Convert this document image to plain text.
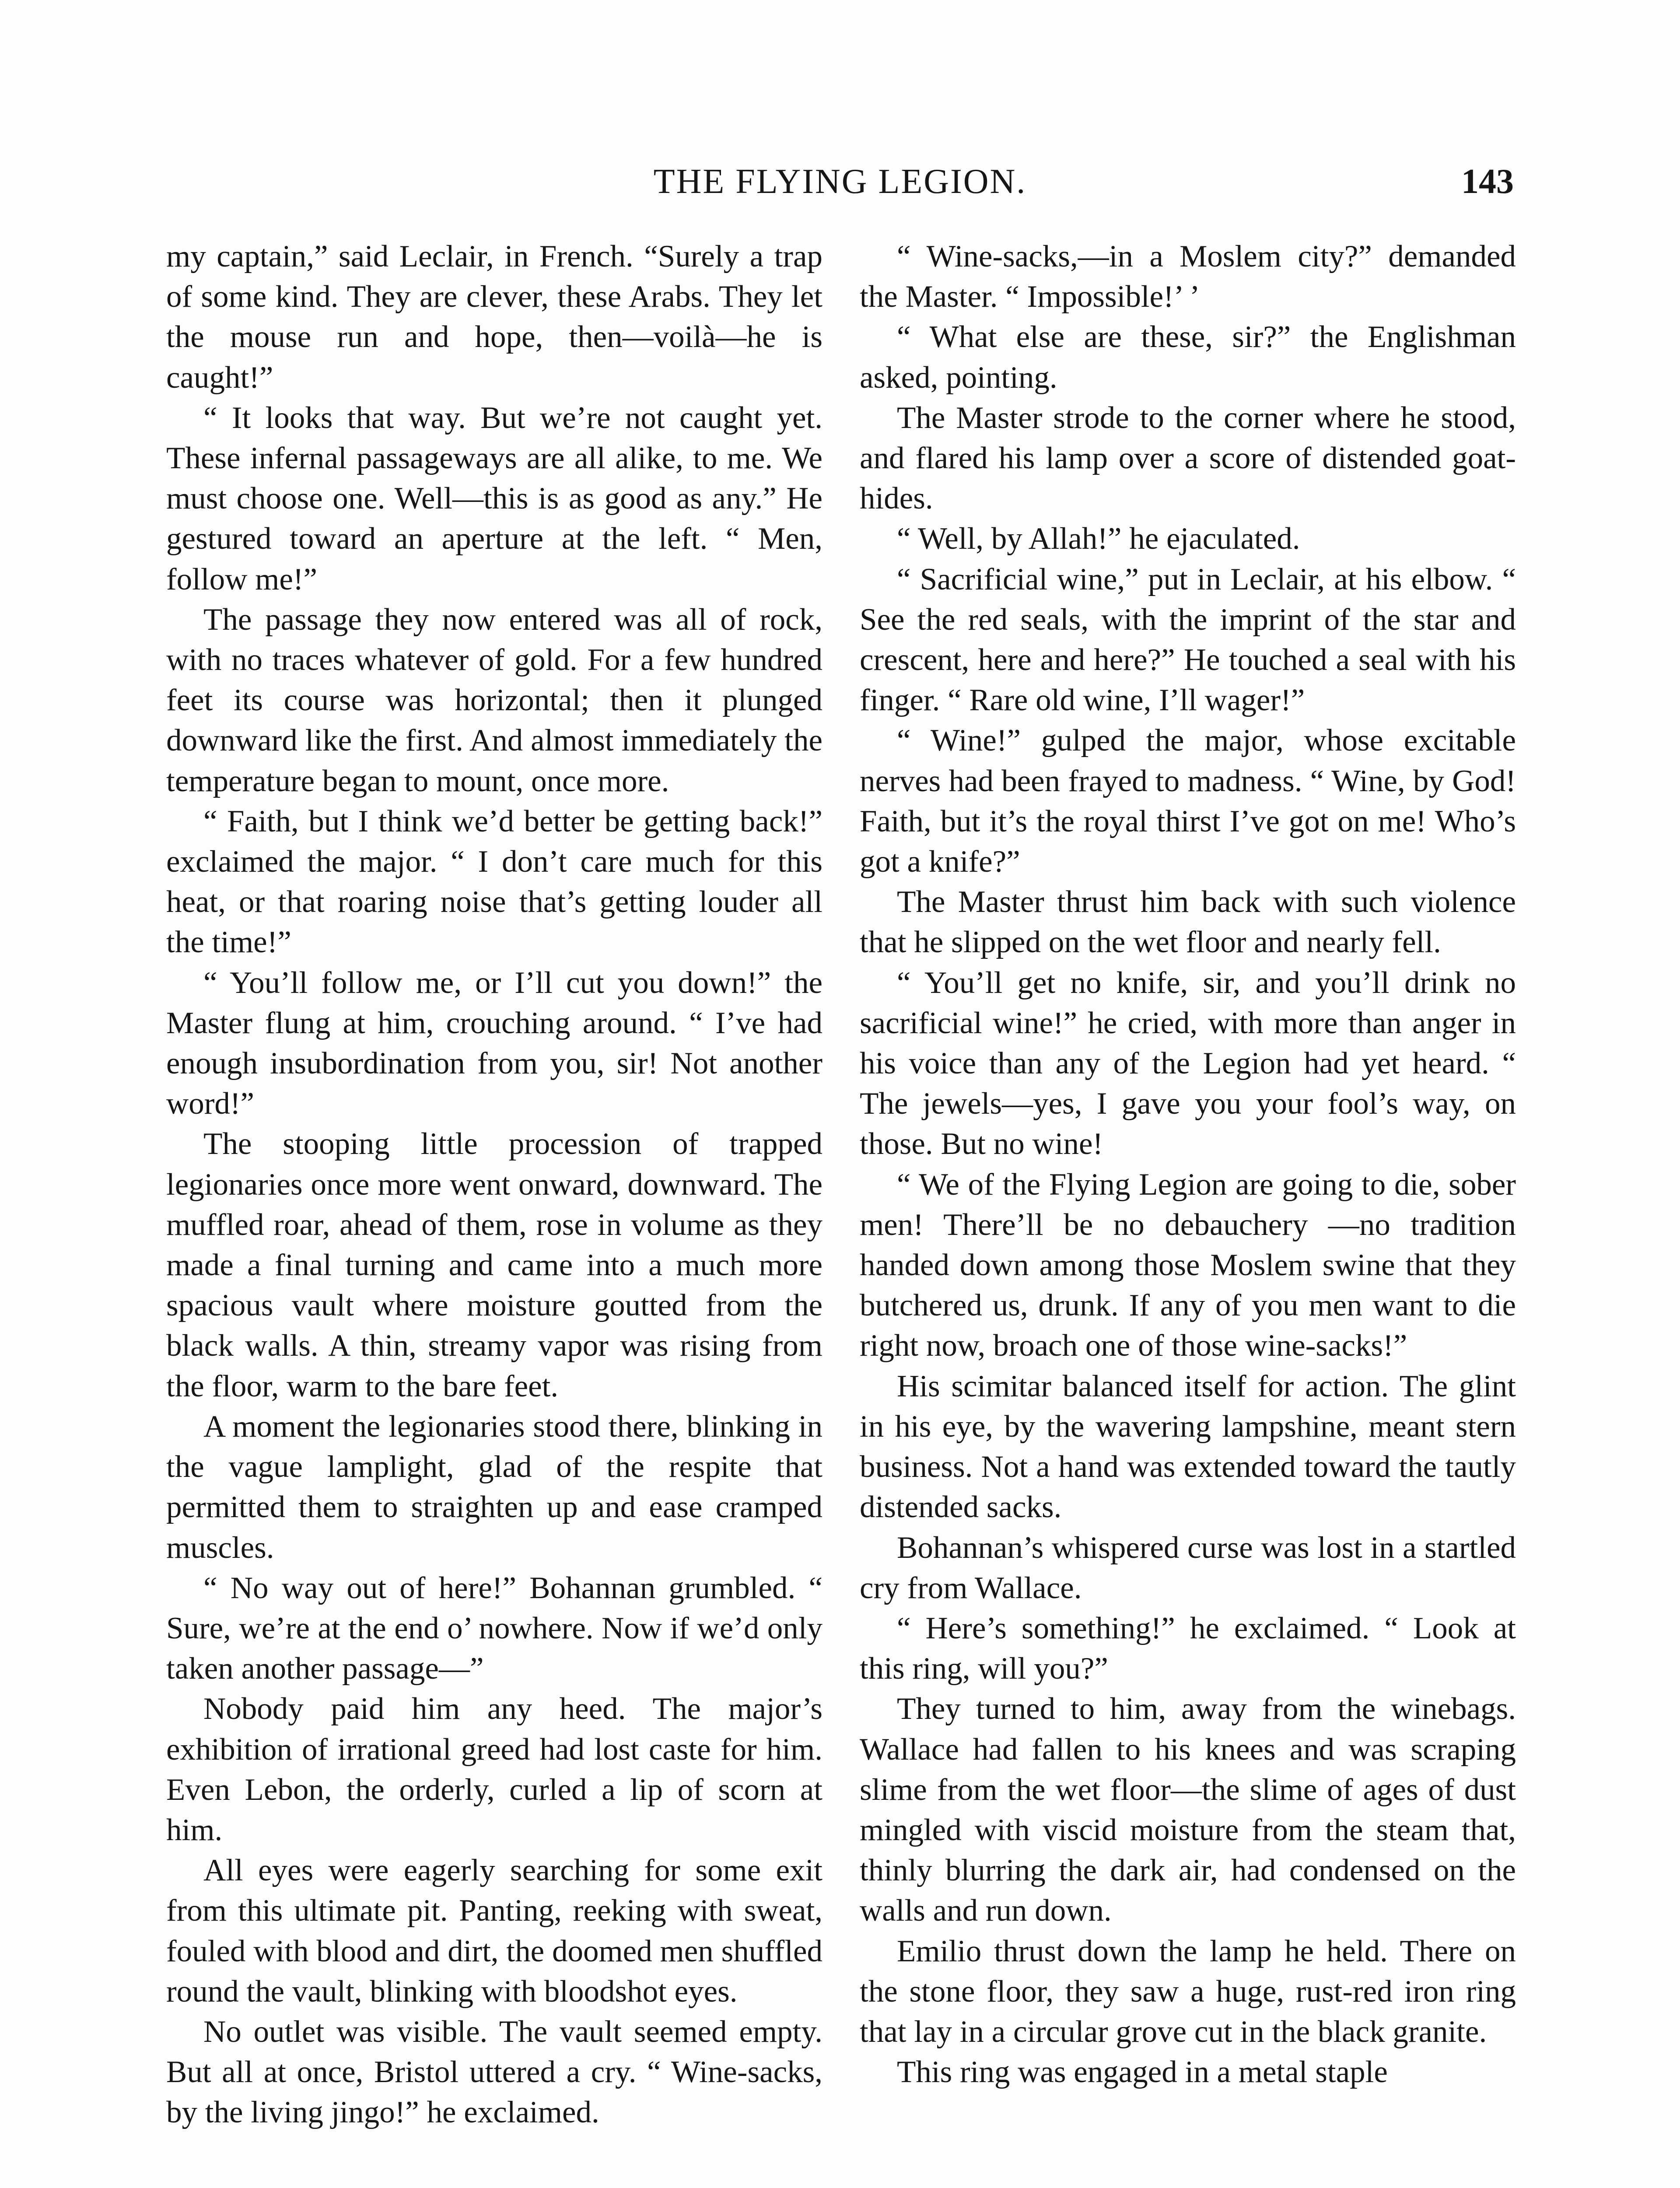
THE FLYING LEGION.	143

my captain,” said Leclair, in French. “Surely a trap of some kind. They are clever, these Arabs. They let the mouse run and hope, then—voilà—he is caught!”

“ It looks that way. But we’re not caught yet. These infernal passageways are all alike, to me. We must choose one. Well—this is as good as any.” He gestured toward an aperture at the left. “ Men, follow me!”

The passage they now entered was all of rock, with no traces whatever of gold. For a few hundred feet its course was horizontal; then it plunged downward like the first. And almost immediately the temperature began to mount, once more.

“ Faith, but I think we’d better be getting back!” exclaimed the major. “ I don’t care much for this heat, or that roaring noise that’s getting louder all the time!”

“ You’ll follow me, or I’ll cut you down!” the Master flung at him, crouching around. “ I’ve had enough insubordination from you, sir! Not another word!”

The stooping little procession of trapped legionaries once more went onward, downward. The muffled roar, ahead of them, rose in volume as they made a final turning and came into a much more spacious vault where moisture goutted from the black walls. A thin, streamy vapor was rising from the floor, warm to the bare feet.

A moment the legionaries stood there, blinking in the vague lamplight, glad of the respite that permitted them to straighten up and ease cramped muscles.

“ No way out of here!” Bohannan grumbled. “ Sure, we’re at the end o’ nowhere. Now if we’d only taken another passage—”

Nobody paid him any heed. The major’s exhibition of irrational greed had lost caste for him. Even Lebon, the orderly, curled a lip of scorn at him.

All eyes were eagerly searching for some exit from this ultimate pit. Panting, reeking with sweat, fouled with blood and dirt, the doomed men shuffled round the vault, blinking with bloodshot eyes.

No outlet was visible. The vault seemed empty. But all at once, Bristol uttered a cry. “ Wine-sacks, by the living jingo!” he exclaimed.

“ Wine-sacks,—in a Moslem city?” demanded the Master. “ Impossible!’ ’

“ What else are these, sir?” the Englishman asked, pointing.

The Master strode to the corner where he stood, and flared his lamp over a score of distended goat-hides.

“ Well, by Allah!” he ejaculated.

“ Sacrificial wine,” put in Leclair, at his elbow. “ See the red seals, with the imprint of the star and crescent, here and here?” He touched a seal with his finger. “ Rare old wine, I’ll wager!”

“ Wine!” gulped the major, whose excitable nerves had been frayed to madness. “ Wine, by God! Faith, but it’s the royal thirst I’ve got on me! Who’s got a knife?”

The Master thrust him back with such violence that he slipped on the wet floor and nearly fell.

“ You’ll get no knife, sir, and you’ll drink no sacrificial wine!” he cried, with more than anger in his voice than any of the Legion had yet heard. “ The jewels—yes, I gave you your fool’s way, on those. But no wine!

“ We of the Flying Legion are going to die, sober men! There’ll be no debauchery —no tradition handed down among those Moslem swine that they butchered us, drunk. If any of you men want to die right now, broach one of those wine-sacks!”

His scimitar balanced itself for action. The glint in his eye, by the wavering lampshine, meant stern business. Not a hand was extended toward the tautly distended sacks.

Bohannan’s whispered curse was lost in a startled cry from Wallace.

“ Here’s something!” he exclaimed. “ Look at this ring, will you?”

They turned to him, away from the winebags. Wallace had fallen to his knees and was scraping slime from the wet floor—the slime of ages of dust mingled with viscid moisture from the steam that, thinly blurring the dark air, had condensed on the walls and run down.

Emilio thrust down the lamp he held. There on the stone floor, they saw a huge, rust-red iron ring that lay in a circular grove cut in the black granite.

This ring was engaged in a metal staple
